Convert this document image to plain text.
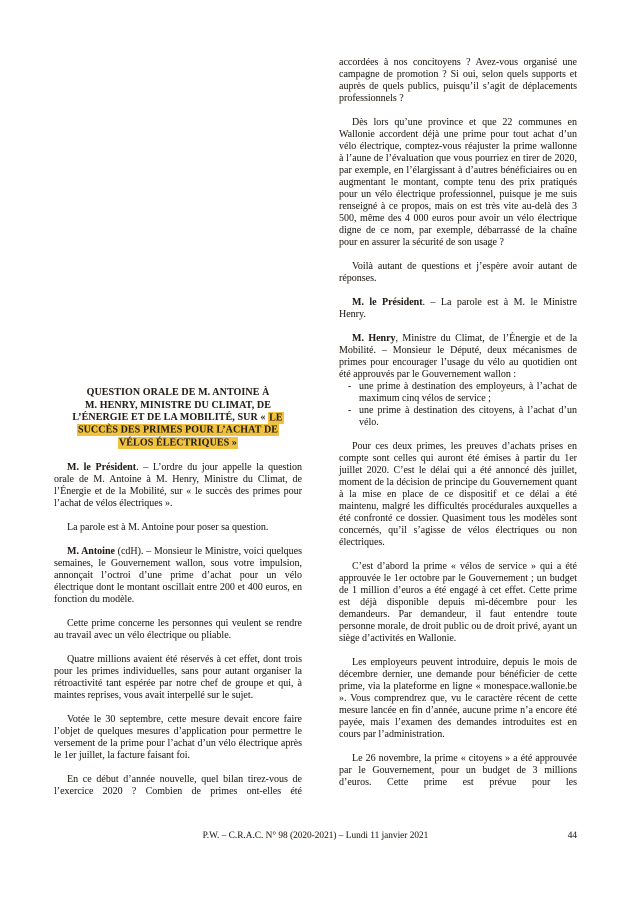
QUESTION ORALE DE M. ANTOINE À
M. HENRY, MINISTRE DU CLIMAT, DE
L’ÉNERGIE ET DE LA MOBILITÉ, SUR « LE
SUCCÈS DES PRIMES POUR L’ACHAT DE
VÉLOS ÉLECTRIQUES »
M. le Président. – L’ordre du jour appelle la question orale de M. Antoine à M. Henry, Ministre du Climat, de l’Énergie et de la Mobilité, sur « le succès des primes pour l’achat de vélos électriques ».
La parole est à M. Antoine pour poser sa question.
M. Antoine (cdH). – Monsieur le Ministre, voici quelques semaines, le Gouvernement wallon, sous votre impulsion, annonçait l’octroi d’une prime d’achat pour un vélo électrique dont le montant oscillait entre 200 et 400 euros, en fonction du modèle.
Cette prime concerne les personnes qui veulent se rendre au travail avec un vélo électrique ou pliable.
Quatre millions avaient été réservés à cet effet, dont trois pour les primes individuelles, sans pour autant organiser la rétroactivité tant espérée par notre chef de groupe et qui, à maintes reprises, vous avait interpellé sur le sujet.
Votée le 30 septembre, cette mesure devait encore faire l’objet de quelques mesures d’application pour permettre le versement de la prime pour l’achat d’un vélo électrique après le 1er juillet, la facture faisant foi.
En ce début d’année nouvelle, quel bilan tirez-vous de l’exercice 2020 ? Combien de primes ont-elles été
accordées à nos concitoyens ? Avez-vous organisé une campagne de promotion ? Si oui, selon quels supports et auprès de quels publics, puisqu’il s’agit de déplacements professionnels ?
Dès lors qu’une province et que 22 communes en Wallonie accordent déjà une prime pour tout achat d’un vélo électrique, comptez-vous réajuster la prime wallonne à l’aune de l’évaluation que vous pourriez en tirer de 2020, par exemple, en l’élargissant à d’autres bénéficiaires ou en augmentant le montant, compte tenu des prix pratiqués pour un vélo électrique professionnel, puisque je me suis renseigné à ce propos, mais on est très vite au-delà des 3 500, même des 4 000 euros pour avoir un vélo électrique digne de ce nom, par exemple, débarrassé de la chaîne pour en assurer la sécurité de son usage ?
Voilà autant de questions et j’espère avoir autant de réponses.
M. le Président. – La parole est à M. le Ministre Henry.
M. Henry, Ministre du Climat, de l’Énergie et de la Mobilité. – Monsieur le Député, deux mécanismes de primes pour encourager l’usage du vélo au quotidien ont été approuvés par le Gouvernement wallon :
- une prime à destination des employeurs, à l’achat de maximum cinq vélos de service ;
- une prime à destination des citoyens, à l’achat d’un vélo.
Pour ces deux primes, les preuves d’achats prises en compte sont celles qui auront été émises à partir du 1er juillet 2020. C’est le délai qui a été annoncé dès juillet, moment de la décision de principe du Gouvernement quant à la mise en place de ce dispositif et ce délai a été maintenu, malgré les difficultés procédurales auxquelles a été confronté ce dossier. Quasiment tous les modèles sont concernés, qu’il s’agisse de vélos électriques ou non électriques.
C’est d’abord la prime « vélos de service » qui a été approuvée le 1er octobre par le Gouvernement ; un budget de 1 million d’euros a été engagé à cet effet. Cette prime est déjà disponible depuis mi-décembre pour les demandeurs. Par demandeur, il faut entendre toute personne morale, de droit public ou de droit privé, ayant un siège d’activités en Wallonie.
Les employeurs peuvent introduire, depuis le mois de décembre dernier, une demande pour bénéficier de cette prime, via la plateforme en ligne « monespace.wallonie.be ». Vous comprendrez que, vu le caractère récent de cette mesure lancée en fin d’année, aucune prime n’a encore été payée, mais l’examen des demandes introduites est en cours par l’administration.
Le 26 novembre, la prime « citoyens » a été approuvée par le Gouvernement, pour un budget de 3 millions d’euros. Cette prime est prévue pour les
P.W. – C.R.A.C. N° 98 (2020-2021) – Lundi 11 janvier 2021	44
